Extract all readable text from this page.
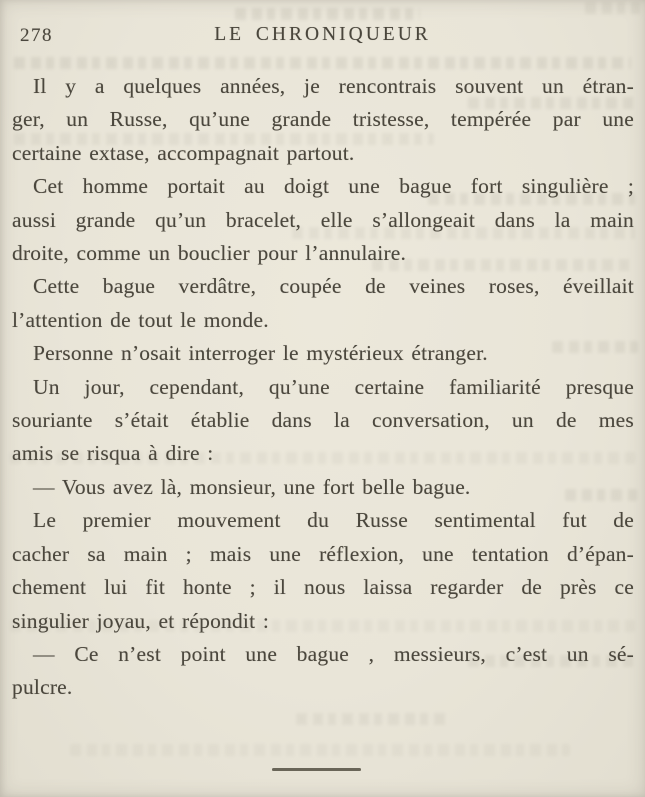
278	LE CHRONIQUEUR

Il y a quelques années, je rencontrais souvent un étran-
ger, un Russe, qu’une grande tristesse, tempérée par une
certaine extase, accompagnait partout.

Cet homme portait au doigt une bague fort singulière ;
aussi grande qu’un bracelet, elle s’allongeait dans la main
droite, comme un bouclier pour l’annulaire.

Cette bague verdâtre, coupée de veines roses, éveillait
l’attention de tout le monde.

Personne n’osait interroger le mystérieux étranger.

Un jour, cependant, qu’une certaine familiarité presque
souriante s’était établie dans la conversation, un de mes
amis se risqua à dire :

— Vous avez là, monsieur, une fort belle bague.

Le premier mouvement du Russe sentimental fut de
cacher sa main ; mais une réflexion, une tentation d’épan-
chement lui fit honte ; il nous laissa regarder de près ce
singulier joyau, et répondit :

— Ce n’est point une bague , messieurs, c’est un sé-
pulcre.
